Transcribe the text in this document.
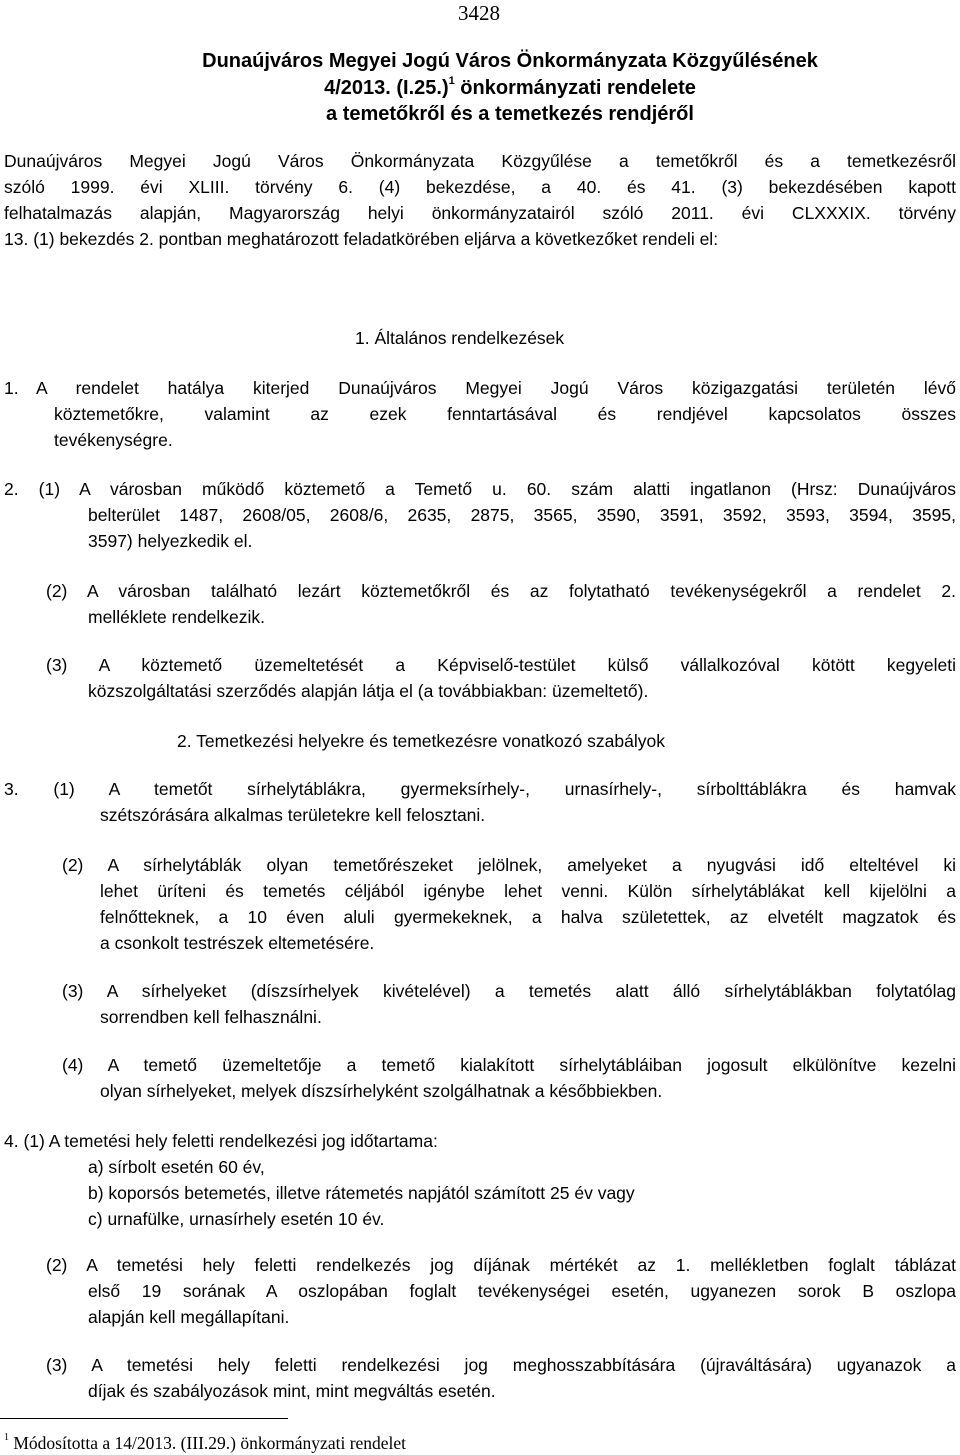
3428
Dunaújváros Megyei Jogú Város Önkormányzata Közgyűlésének
4/2013. $(I.25.)^1$ önkormányzati rendelete
a temetőkről és a temetkezés rendjéről
Dunaújváros Megyei Jogú Város Önkormányzata Közgyűlése a temetőkről és a temetkezésről
szóló 1999. évi XLIII. törvény 6. (4) bekezdése, a 40. és 41. (3) bekezdésében kapott
felhatalmazás alapján, Magyarország helyi önkormányzatairól szóló 2011. évi CLXXXIX. törvény
13. (1) bekezdés 2. pontban meghatározott feladatkörében eljárva a következőket rendeli el:
1. Általános rendelkezések
1. A rendelet hatálya kiterjed Dunaújváros Megyei Jogú Város közigazgatási területén lévő
köztemetőkre, valamint az ezek fenntartásával és rendjével kapcsolatos összes
tevékenységre.
2. (1) A városban működő köztemető a Temető u. 60. szám alatti ingatlanon (Hrsz: Dunaújváros
belterület 1487, 2608/05, 2608/6, 2635, 2875, 3565, 3590, 3591, 3592, 3593, 3594, 3595,
3597) helyezkedik el.
(2) A városban található lezárt köztemetőkről és az folytatható tevékenységekről a rendelet 2.
melléklete rendelkezik.
(3) A köztemető üzemeltetését a Képviselő-testület külső vállalkozóval kötött kegyeleti
közszolgáltatási szerződés alapján látja el (a továbbiakban: üzemeltető).
2. Temetkezési helyekre és temetkezésre vonatkozó szabályok
3. (1) A temetőt sírhelytáblákra, gyermeksírhely-, urnasírhely-, sírbolttáblákra és hamvak
szétszórására alkalmas területekre kell felosztani.
(2) A sírhelytáblák olyan temetőrészeket jelölnek, amelyeket a nyugvási idő elteltével ki
lehet üríteni és temetés céljából igénybe lehet venni. Külön sírhelytáblákat kell kijelölni a
felnőtteknek, a 10 éven aluli gyermekeknek, a halva születettek, az elvetélt magzatok és
a csonkolt testrészek eltemetésére.
(3) A sírhelyeket (díszsírhelyek kivételével) a temetés alatt álló sírhelytáblákban folytatólag
sorrendben kell felhasználni.
(4) A temető üzemeltetője a temető kialakított sírhelytábláiban jogosult elkülönítve kezelni
olyan sírhelyeket, melyek díszsírhelyként szolgálhatnak a későbbiekben.
4. (1) A temetési hely feletti rendelkezési jog időtartama:
a) sírbolt esetén 60 év,
b) koporsós betemetés, illetve rátemetés napjától számított 25 év vagy
c) urnafülke, urnasírhely esetén 10 év.
(2) A temetési hely feletti rendelkezés jog díjának mértékét az 1. mellékletben foglalt táblázat
első 19 sorának A oszlopában foglalt tevékenységei esetén, ugyanezen sorok B oszlopa
alapján kell megállapítani.
(3) A temetési hely feletti rendelkezési jog meghosszabbítására (újraváltására) ugyanazok a
díjak és szabályozások mint, mint megváltás esetén.
$^1$ Módosította a 14/2013. (III.29.) önkormányzati rendelet
